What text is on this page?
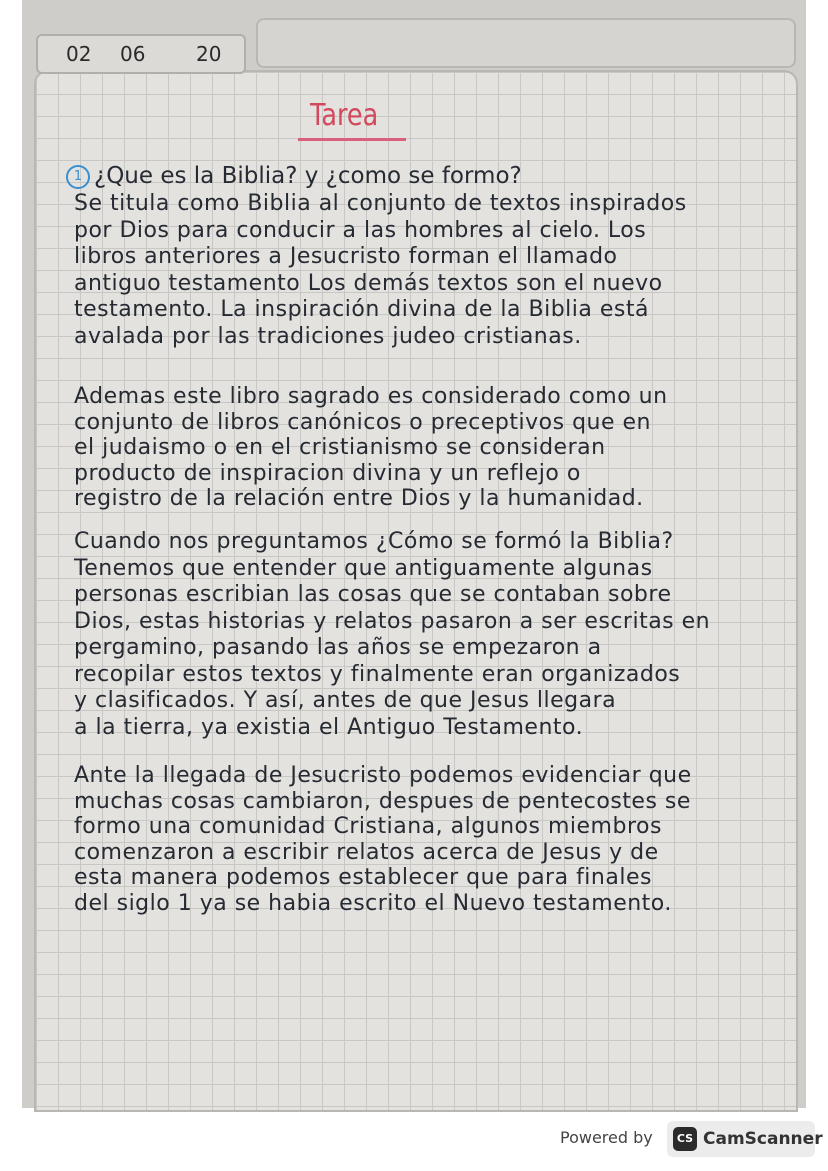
02 06	20
Tarea
1 ¿Que es la Biblia? y ¿como se formo?
Se titula como Biblia al conjunto de textos inspirados
por Dios para conducir a las hombres al cielo. Los
libros anteriores a Jesucristo forman el llamado
antiguo testamento Los demás textos son el nuevo
testamento. La inspiración divina de la Biblia está
avalada por las tradiciones judeo cristianas.
Ademas este libro sagrado es considerado como un
conjunto de libros canónicos o preceptivos que en
el judaismo o en el cristianismo se consideran
producto de inspiracion divina y un reflejo o
registro de la relación entre Dios y la humanidad.
Cuando nos preguntamos ¿Cómo se formó la Biblia?
Tenemos que entender que antiguamente algunas
personas escribian las cosas que se contaban sobre
Dios, estas historias y relatos pasaron a ser escritas en
pergamino, pasando las años se empezaron a
recopilar estos textos y finalmente eran organizados
y clasificados. Y así, antes de que Jesus llegara
a la tierra, ya existia el Antiguo Testamento.
Ante la llegada de Jesucristo podemos evidenciar que
muchas cosas cambiaron, despues de pentecostes se
formo una comunidad Cristiana, algunos miembros
comenzaron a escribir relatos acerca de Jesus y de
esta manera podemos establecer que para finales
del siglo 1 ya se habia escrito el Nuevo testamento.
Powered by	CS CamScanner
